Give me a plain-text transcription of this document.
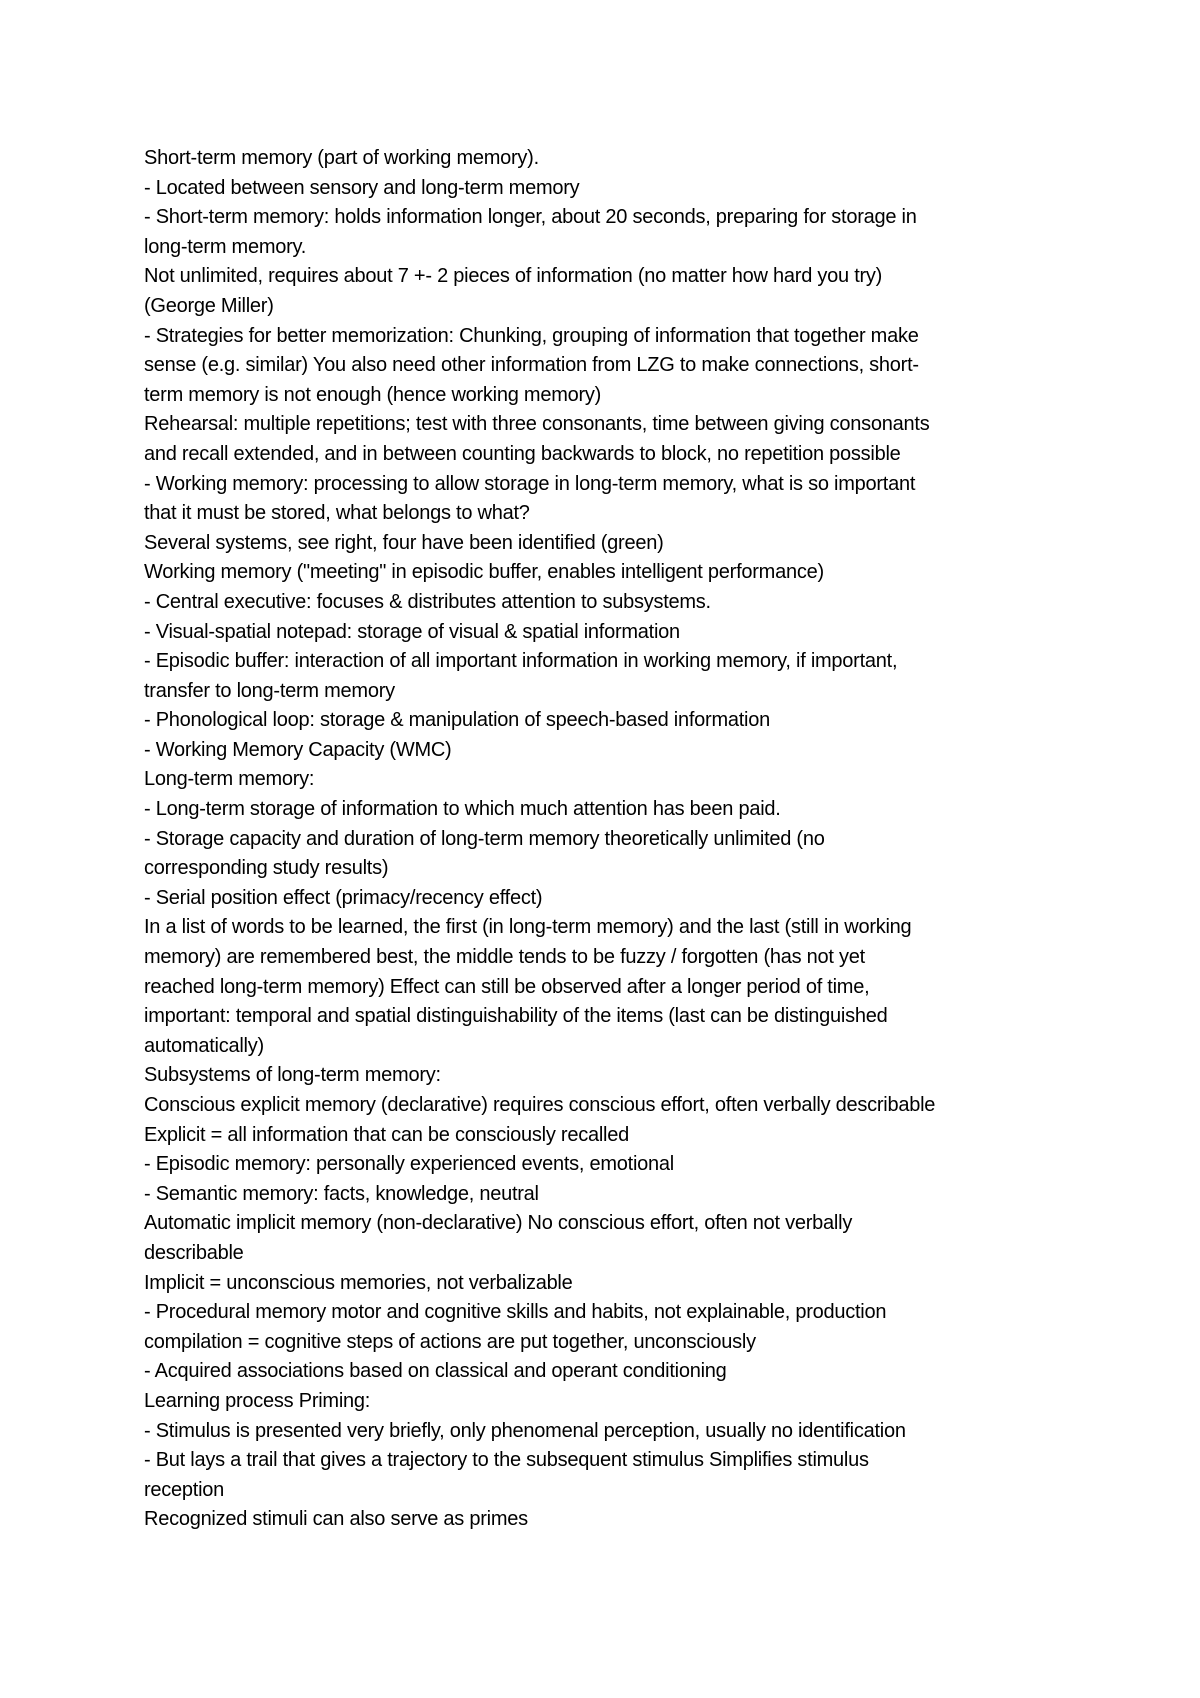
Short-term memory (part of working memory).

- Located between sensory and long-term memory

- Short-term memory: holds information longer, about 20 seconds, preparing for storage in

long-term memory.

Not unlimited, requires about 7 +- 2 pieces of information (no matter how hard you try)

(George Miller)

- Strategies for better memorization: Chunking, grouping of information that together make

sense (e.g. similar) You also need other information from LZG to make connections, short-

term memory is not enough (hence working memory)

Rehearsal: multiple repetitions; test with three consonants, time between giving consonants

and recall extended, and in between counting backwards to block, no repetition possible

- Working memory: processing to allow storage in long-term memory, what is so important

that it must be stored, what belongs to what?

Several systems, see right, four have been identified (green)

Working memory ("meeting" in episodic buffer, enables intelligent performance)

- Central executive: focuses & distributes attention to subsystems.

- Visual-spatial notepad: storage of visual & spatial information

- Episodic buffer: interaction of all important information in working memory, if important,

transfer to long-term memory

- Phonological loop: storage & manipulation of speech-based information

- Working Memory Capacity (WMC)

Long-term memory:

- Long-term storage of information to which much attention has been paid.

- Storage capacity and duration of long-term memory theoretically unlimited (no

corresponding study results)

- Serial position effect (primacy/recency effect)

In a list of words to be learned, the first (in long-term memory) and the last (still in working

memory) are remembered best, the middle tends to be fuzzy / forgotten (has not yet

reached long-term memory) Effect can still be observed after a longer period of time,

important: temporal and spatial distinguishability of the items (last can be distinguished

automatically)

Subsystems of long-term memory:

Conscious explicit memory (declarative) requires conscious effort, often verbally describable

Explicit = all information that can be consciously recalled

- Episodic memory: personally experienced events, emotional

- Semantic memory: facts, knowledge, neutral

Automatic implicit memory (non-declarative) No conscious effort, often not verbally

describable

Implicit = unconscious memories, not verbalizable

- Procedural memory motor and cognitive skills and habits, not explainable, production

compilation = cognitive steps of actions are put together, unconsciously

- Acquired associations based on classical and operant conditioning

Learning process Priming:

- Stimulus is presented very briefly, only phenomenal perception, usually no identification

- But lays a trail that gives a trajectory to the subsequent stimulus Simplifies stimulus

reception

Recognized stimuli can also serve as primes
